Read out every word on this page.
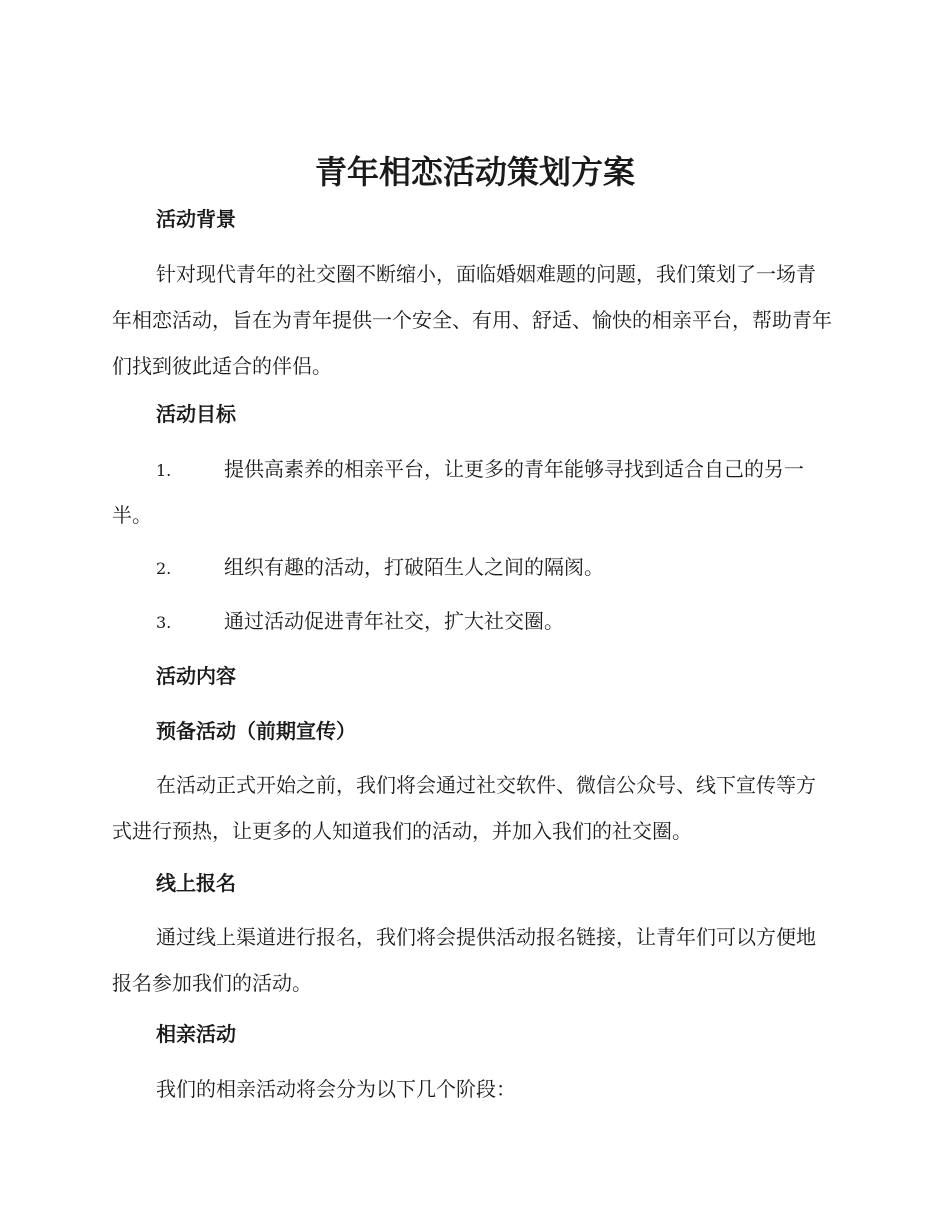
青年相恋活动策划方案
活动背景

针对现代青年的社交圈不断缩小，面临婚姻难题的问题，我们策划了一场青年相恋活动，旨在为青年提供一个安全、有用、舒适、愉快的相亲平台，帮助青年们找到彼此适合的伴侣。

活动目标

1.	提供高素养的相亲平台，让更多的青年能够寻找到适合自己的另一半。

2.	组织有趣的活动，打破陌生人之间的隔阂。

3.	通过活动促进青年社交，扩大社交圈。

活动内容
预备活动（前期宣传）

在活动正式开始之前，我们将会通过社交软件、微信公众号、线下宣传等方式进行预热，让更多的人知道我们的活动，并加入我们的社交圈。

线上报名

通过线上渠道进行报名，我们将会提供活动报名链接，让青年们可以方便地报名参加我们的活动。

相亲活动

我们的相亲活动将会分为以下几个阶段：
